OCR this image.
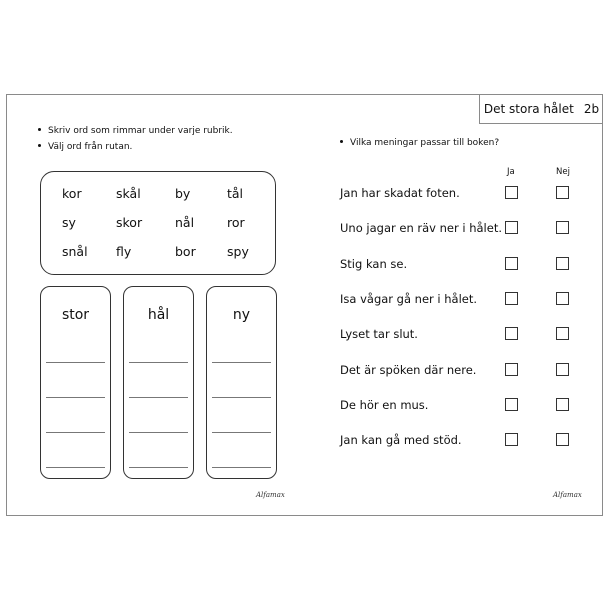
Det stora hålet 2b
Skriv ord som rimmar under varje rubrik.
Välj ord från rutan.
kor	skål	by	tål
sy	skor	nål	ror
snål fly	bor	spy
stor	hål	ny
Alfamax
Vilka meningar passar till boken?
Ja	Nej
Jan har skadat foten.
Uno jagar en räv ner i hålet.
Stig kan se.
Isa vågar gå ner i hålet.
Lyset tar slut.
Det är spöken där nere.
De hör en mus.
Jan kan gå med stöd.
Alfamax
